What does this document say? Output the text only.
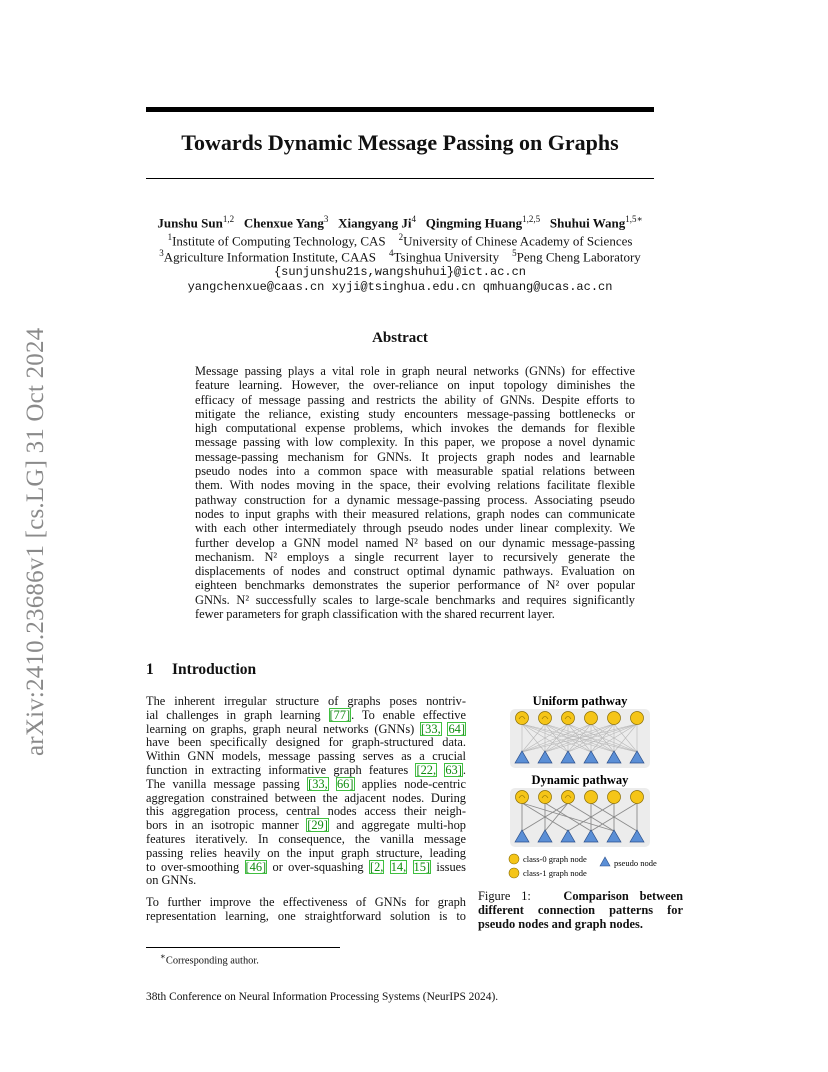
arXiv:2410.23686v1 [cs.LG] 31 Oct 2024
Towards Dynamic Message Passing on Graphs
Junshu Sun$^{1,2}$ Chenxue Yang$^3$ Xiangyang Ji$^4$ Qingming Huang$^{1,2,5}$ Shuhui Wang$^{1,5∗}$
$^1$Institute of Computing Technology, CAS $^2$University of Chinese Academy of Sciences
$^3$Agriculture Information Institute, CAAS $^4$Tsinghua University $^5$Peng Cheng Laboratory
{sunjunshu21s,wangshuhui}@ict.ac.cn
yangchenxue@caas.cn xyji@tsinghua.edu.cn qmhuang@ucas.ac.cn
Abstract
Message passing plays a vital role in graph neural networks (GNNs) for effective
feature learning. However, the over-reliance on input topology diminishes the
efficacy of message passing and restricts the ability of GNNs. Despite efforts to
mitigate the reliance, existing study encounters message-passing bottlenecks or
high computational expense problems, which invokes the demands for flexible
message passing with low complexity. In this paper, we propose a novel dynamic
message-passing mechanism for GNNs. It projects graph nodes and learnable
pseudo nodes into a common space with measurable spatial relations between
them. With nodes moving in the space, their evolving relations facilitate flexible
pathway construction for a dynamic message-passing process. Associating pseudo
nodes to input graphs with their measured relations, graph nodes can communicate
with each other intermediately through pseudo nodes under linear complexity. We
further develop a GNN model named N² based on our dynamic message-passing
mechanism. N² employs a single recurrent layer to recursively generate the
displacements of nodes and construct optimal dynamic pathways. Evaluation on
eighteen benchmarks demonstrates the superior performance of N² over popular
GNNs. N² successfully scales to large-scale benchmarks and requires significantly
fewer parameters for graph classification with the shared recurrent layer.
1 Introduction

The inherent irregular structure of graphs poses nontriv-
ial challenges in graph learning [77]. To enable effective
learning on graphs, graph neural networks (GNNs) [33, 64]
have been specifically designed for graph-structured data.
Within GNN models, message passing serves as a crucial
function in extracting informative graph features [22, 63].
The vanilla message passing [33, 66] applies node-centric
aggregation constrained between the adjacent nodes. During
this aggregation process, central nodes access their neigh-
bors in an isotropic manner [29] and aggregate multi-hop
features iteratively. In consequence, the vanilla message
passing relies heavily on the input graph structure, leading
to over-smoothing [46] or over-squashing [2, 14, 15] issues
on GNNs.

To further improve the effectiveness of GNNs for graph
representation learning, one straightforward solution is to

Uniform pathway
Dynamic pathway
class-0 graph node
class-1 graph node
pseudo node
Figure 1:	Comparison between different connection patterns for pseudo nodes and graph nodes.
∗Corresponding author.
38th Conference on Neural Information Processing Systems (NeurIPS 2024).
